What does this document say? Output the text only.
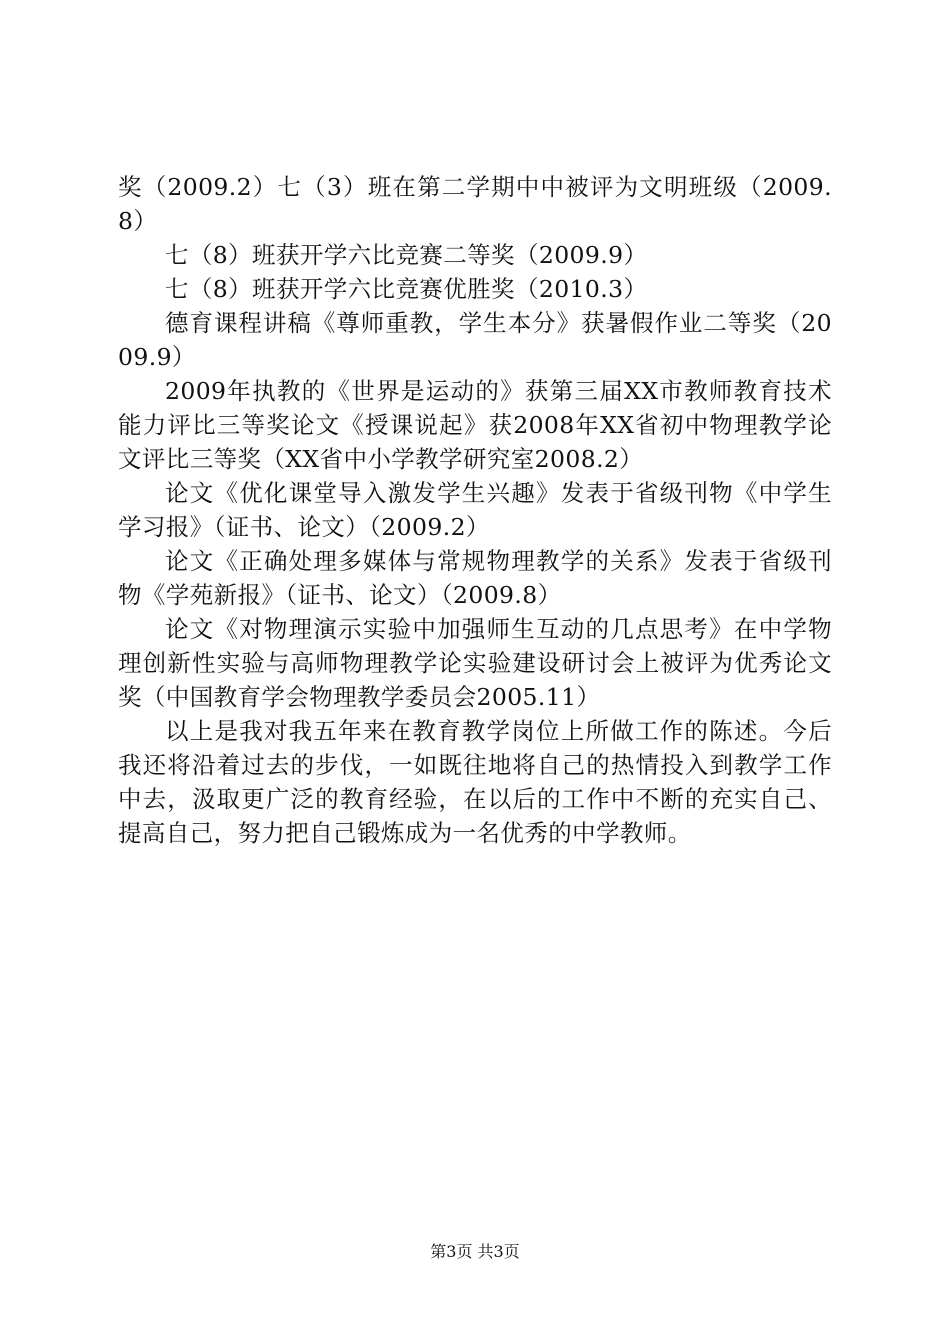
奖（2009.2）七（3）班在第二学期中中被评为文明班级（2009.8）

七（8）班获开学六比竞赛二等奖（2009.9）

七（8）班获开学六比竞赛优胜奖（2010.3）

德育课程讲稿《尊师重教，学生本分》获暑假作业二等奖（2009.9）

2009年执教的《世界是运动的》获第三届XX市教师教育技术能力评比三等奖论文《授课说起》获2008年XX省初中物理教学论文评比三等奖（XX省中小学教学研究室2008.2）

论文《优化课堂导入激发学生兴趣》发表于省级刊物《中学生学习报》（证书、论文）（2009.2）

论文《正确处理多媒体与常规物理教学的关系》发表于省级刊物《学苑新报》（证书、论文）（2009.8）

论文《对物理演示实验中加强师生互动的几点思考》在中学物理创新性实验与高师物理教学论实验建设研讨会上被评为优秀论文奖（中国教育学会物理教学委员会2005.11）

以上是我对我五年来在教育教学岗位上所做工作的陈述。今后我还将沿着过去的步伐，一如既往地将自己的热情投入到教学工作中去，汲取更广泛的教育经验，在以后的工作中不断的充实自己、提高自己，努力把自己锻炼成为一名优秀的中学教师。

第3页 共3页
